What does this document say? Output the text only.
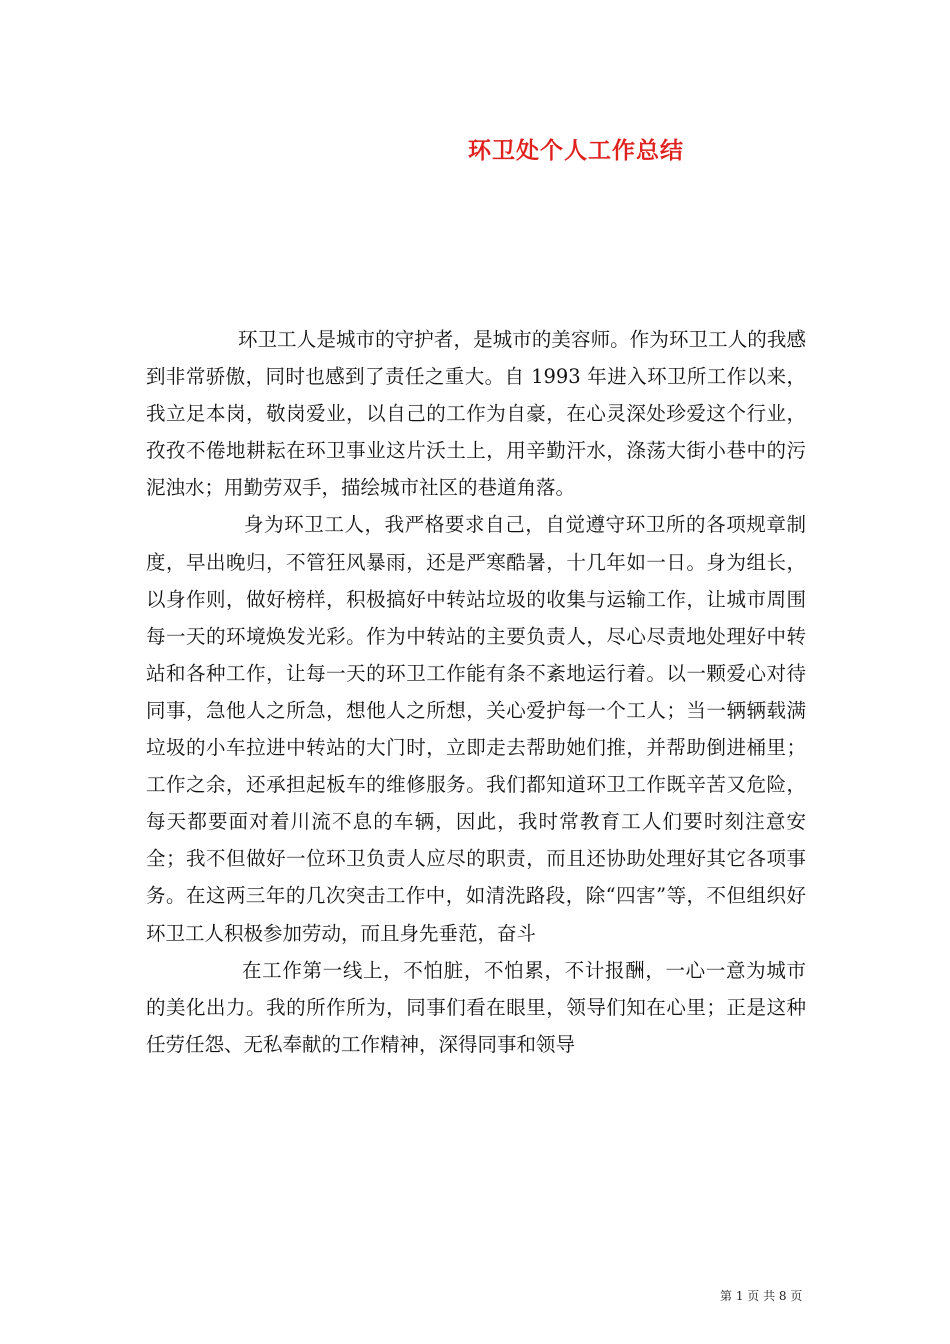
环卫处个人工作总结

环卫工人是城市的守护者，是城市的美容师。作为环卫工人的我感到非常骄傲，同时也感到了责任之重大。自 1993 年进入环卫所工作以来，我立足本岗，敬岗爱业，以自己的工作为自豪，在心灵深处珍爱这个行业，孜孜不倦地耕耘在环卫事业这片沃土上，用辛勤汗水，涤荡大街小巷中的污泥浊水；用勤劳双手，描绘城市社区的巷道角落。

身为环卫工人，我严格要求自己，自觉遵守环卫所的各项规章制度，早出晚归，不管狂风暴雨，还是严寒酷暑，十几年如一日。身为组长，以身作则，做好榜样，积极搞好中转站垃圾的收集与运输工作，让城市周围每一天的环境焕发光彩。作为中转站的主要负责人，尽心尽责地处理好中转站和各种工作，让每一天的环卫工作能有条不紊地运行着。以一颗爱心对待同事，急他人之所急，想他人之所想，关心爱护每一个工人；当一辆辆载满垃圾的小车拉进中转站的大门时，立即走去帮助她们推，并帮助倒进桶里；工作之余，还承担起板车的维修服务。我们都知道环卫工作既辛苦又危险，每天都要面对着川流不息的车辆，因此，我时常教育工人们要时刻注意安全；我不但做好一位环卫负责人应尽的职责，而且还协助处理好其它各项事务。在这两三年的几次突击工作中，如清洗路段，除“四害”等，不但组织好环卫工人积极参加劳动，而且身先垂范，奋斗

在工作第一线上，不怕脏，不怕累，不计报酬，一心一意为城市的美化出力。我的所作所为，同事们看在眼里，领导们知在心里；正是这种任劳任怨、无私奉献的工作精神，深得同事和领导

第 1 页 共 8 页
